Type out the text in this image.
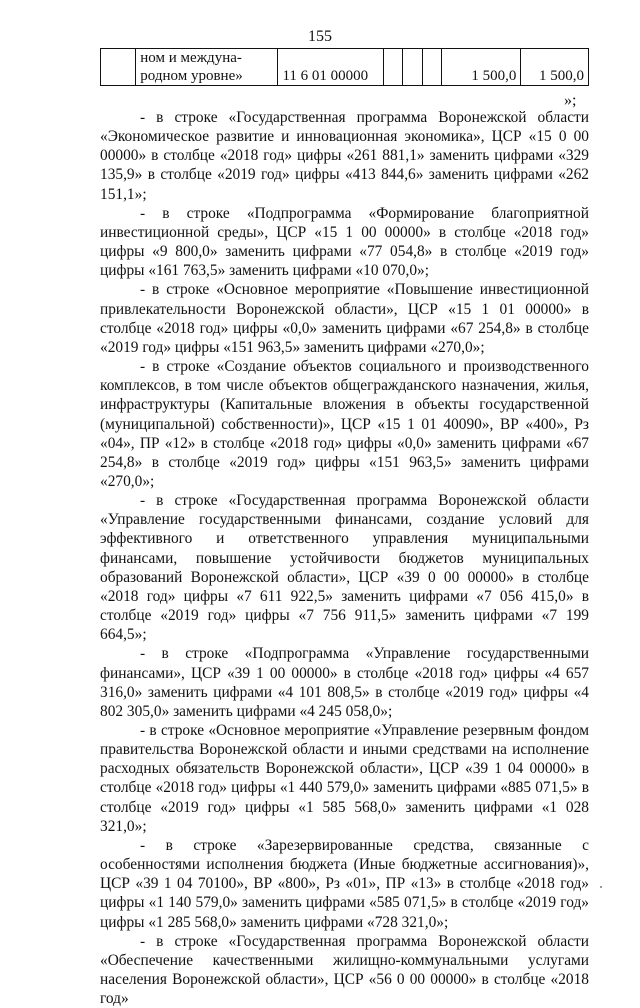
155
	ном и междуна-родном уровне»	11 6 01 00000				1 500,0	1 500,0
»;

- в строке «Государственная программа Воронежской области «Экономическое развитие и инновационная экономика», ЦСР «15 0 00 00000» в столбце «2018 год» цифры «261 881,1» заменить цифрами «329 135,9» в столбце «2019 год» цифры «413 844,6» заменить цифрами «262 151,1»;

- в строке «Подпрограмма «Формирование благоприятной инвестиционной среды», ЦСР «15 1 00 00000» в столбце «2018 год» цифры «9 800,0» заменить цифрами «77 054,8» в столбце «2019 год» цифры «161 763,5» заменить цифрами «10 070,0»;

- в строке «Основное мероприятие «Повышение инвестиционной привлекательности Воронежской области», ЦСР «15 1 01 00000» в столбце «2018 год» цифры «0,0» заменить цифрами «67 254,8» в столбце «2019 год» цифры «151 963,5» заменить цифрами «270,0»;

- в строке «Создание объектов социального и производственного комплексов, в том числе объектов общегражданского назначения, жилья, инфраструктуры (Капитальные вложения в объекты государственной (муниципальной) собственности)», ЦСР «15 1 01 40090», ВР «400», Рз «04», ПР «12» в столбце «2018 год» цифры «0,0» заменить цифрами «67 254,8» в столбце «2019 год» цифры «151 963,5» заменить цифрами «270,0»;

- в строке «Государственная программа Воронежской области «Управление государственными финансами, создание условий для эффективного и ответственного управления муниципальными финансами, повышение устойчивости бюджетов муниципальных образований Воронежской области», ЦСР «39 0 00 00000» в столбце «2018 год» цифры «7 611 922,5» заменить цифрами «7 056 415,0» в столбце «2019 год» цифры «7 756 911,5» заменить цифрами «7 199 664,5»;

- в строке «Подпрограмма «Управление государственными финансами», ЦСР «39 1 00 00000» в столбце «2018 год» цифры «4 657 316,0» заменить цифрами «4 101 808,5» в столбце «2019 год» цифры «4 802 305,0» заменить цифрами «4 245 058,0»;

- в строке «Основное мероприятие «Управление резервным фондом правительства Воронежской области и иными средствами на исполнение расходных обязательств Воронежской области», ЦСР «39 1 04 00000» в столбце «2018 год» цифры «1 440 579,0» заменить цифрами «885 071,5» в столбце «2019 год» цифры «1 585 568,0» заменить цифрами «1 028 321,0»;

- в строке «Зарезервированные средства, связанные с особенностями исполнения бюджета (Иные бюджетные ассигнования)», ЦСР «39 1 04 70100», ВР «800», Рз «01», ПР «13» в столбце «2018 год» цифры «1 140 579,0» заменить цифрами «585 071,5» в столбце «2019 год» цифры «1 285 568,0» заменить цифрами «728 321,0»;

- в строке «Государственная программа Воронежской области «Обеспечение качественными жилищно-коммунальными услугами населения Воронежской области», ЦСР «56 0 00 00000» в столбце «2018 год»
